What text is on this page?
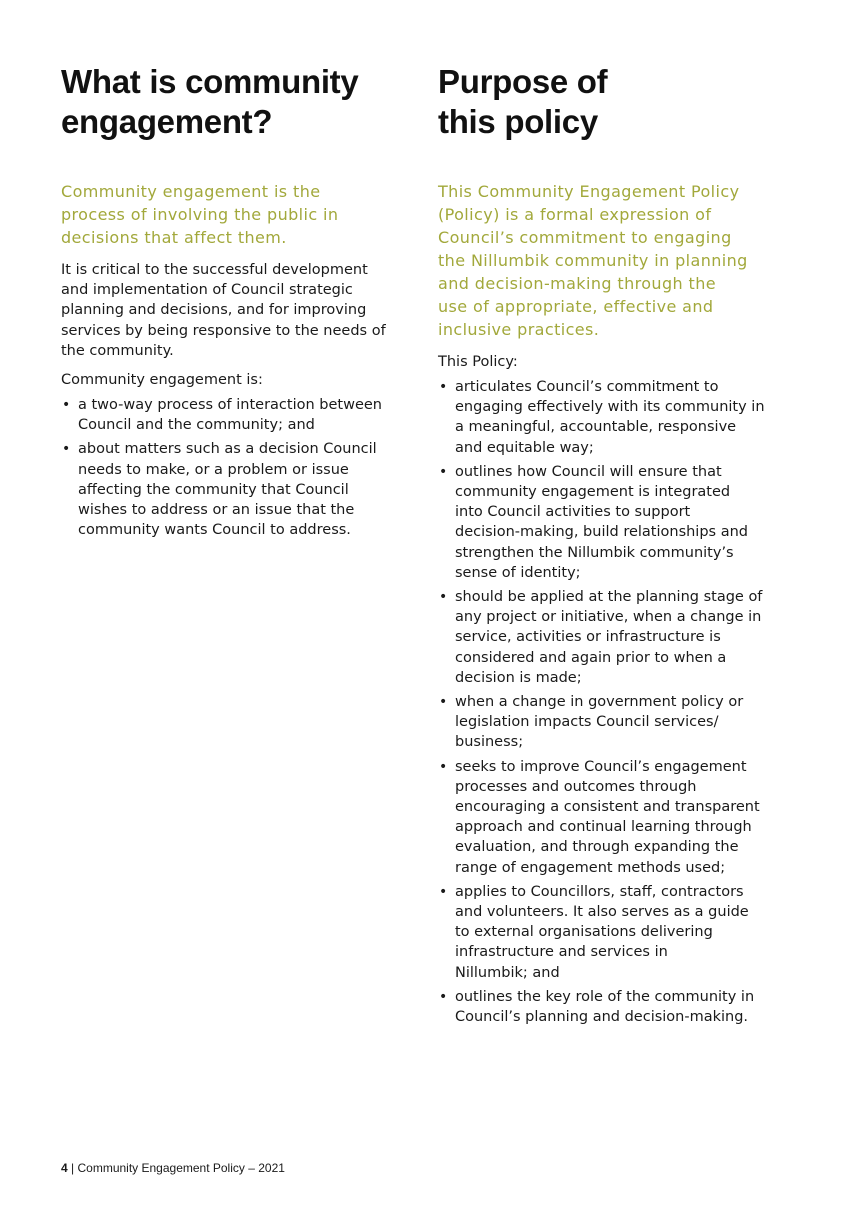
What is community
engagement?

Community engagement is the
process of involving the public in
decisions that affect them.

It is critical to the successful development
and implementation of Council strategic
planning and decisions, and for improving
services by being responsive to the needs of
the community.
Community engagement is:
• a two-way process of interaction between
Council and the community; and
• about matters such as a decision Council
needs to make, or a problem or issue
affecting the community that Council
wishes to address or an issue that the
community wants Council to address.
Purpose of
this policy

This Community Engagement Policy
(Policy) is a formal expression of
Council’s commitment to engaging
the Nillumbik community in planning
and decision-making through the
use of appropriate, effective and
inclusive practices.

This Policy:
• articulates Council’s commitment to
engaging effectively with its community in
a meaningful, accountable, responsive
and equitable way;
• outlines how Council will ensure that
community engagement is integrated
into Council activities to support
decision-making, build relationships and
strengthen the Nillumbik community’s
sense of identity;
• should be applied at the planning stage of
any project or initiative, when a change in
service, activities or infrastructure is
considered and again prior to when a
decision is made;
• when a change in government policy or
legislation impacts Council services/
business;
• seeks to improve Council’s engagement
processes and outcomes through
encouraging a consistent and transparent
approach and continual learning through
evaluation, and through expanding the
range of engagement methods used;
• applies to Councillors, staff, contractors
and volunteers. It also serves as a guide
to external organisations delivering
infrastructure and services in
Nillumbik; and
• outlines the key role of the community in
Council’s planning and decision-making.
4 | Community Engagement Policy – 2021
